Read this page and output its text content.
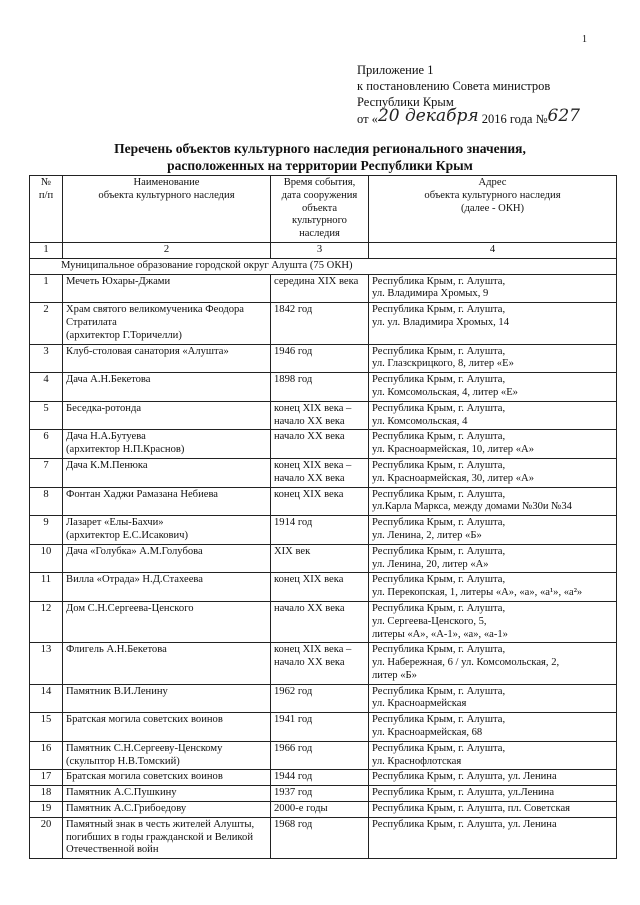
1
Приложение 1
к постановлению Совета министров
Республики Крым
от «20 декабря 2016 года №627
Перечень объектов культурного наследия регионального значения,
расположенных на территории Республики Крым
№
п/п	Наименование
объекта культурного наследия	Время события,
дата сооружения
объекта
культурного
наследия	Адрес
объекта культурного наследия
(далее - ОКН)
1	2	3	4
Муниципальное образование городской округ Алушта (75 ОКН)			
1	Мечеть Юхары-Джами	середина XIX века	Республика Крым, г. Алушта,
ул. Владимира Хромых, 9
2	Храм святого великомученика Феодора Стратилата
(архитектор Г.Торичелли)	1842 год	Республика Крым, г. Алушта,
ул. ул. Владимира Хромых, 14
3	Клуб-столовая санатория «Алушта»	1946 год	Республика Крым, г. Алушта,
ул. Глазскрицкого, 8, литер «Е»
4	Дача А.Н.Бекетова	1898 год	Республика Крым, г. Алушта,
ул. Комсомольская, 4, литер «Е»
5	Беседка-ротонда	конец XIX века –
начало XX века	Республика Крым, г. Алушта,
ул. Комсомольская, 4
6	Дача Н.А.Бутуева
(архитектор Н.П.Краснов)	начало XX века	Республика Крым, г. Алушта,
ул. Красноармейская, 10, литер «А»
7	Дача К.М.Пенюка	конец XIX века –
начало XX века	Республика Крым, г. Алушта,
ул. Красноармейская, 30, литер «А»
8	Фонтан Хаджи Рамазана Небиева	конец XIX века	Республика Крым, г. Алушта,
ул.Карла Маркса, между домами №30и №34
9	Лазарет «Елы-Бахчи»
(архитектор Е.С.Исакович)	1914 год	Республика Крым, г. Алушта,
ул. Ленина, 2, литер «Б»
10	Дача «Голубка» А.М.Голубова	XIX век	Республика Крым, г. Алушта,
ул. Ленина, 20, литер «А»
11	Вилла «Отрада» Н.Д.Стахеева	конец XIX века	Республика Крым, г. Алушта,
ул. Перекопская, 1, литеры «А», «а», «а¹», «а²»
12	Дом С.Н.Сергеева-Ценского	начало XX века	Республика Крым, г. Алушта,
ул. Сергеева-Ценского, 5,
литеры «А», «А-1», «а», «а-1»
13	Флигель А.Н.Бекетова	конец XIX века –
начало XX века	Республика Крым, г. Алушта,
ул. Набережная, 6 / ул. Комсомольская, 2,
литер «Б»
14	Памятник В.И.Ленину	1962 год	Республика Крым, г. Алушта,
ул. Красноармейская
15	Братская могила советских воинов	1941 год	Республика Крым, г. Алушта,
ул. Красноармейская, 68
16	Памятник С.Н.Сергееву-Ценскому
(скульптор Н.В.Томский)	1966 год	Республика Крым, г. Алушта,
ул. Краснофлотская
17	Братская могила советских воинов	1944 год	Республика Крым, г. Алушта, ул. Ленина
18	Памятник А.С.Пушкину	1937 год	Республика Крым, г. Алушта, ул.Ленина
19	Памятник А.С.Грибоедову	2000-е годы	Республика Крым, г. Алушта, пл. Советская
20	Памятный знак в честь жителей Алушты, погибших в годы гражданской и Великой Отечественной войн	1968 год	Республика Крым, г. Алушта, ул. Ленина
